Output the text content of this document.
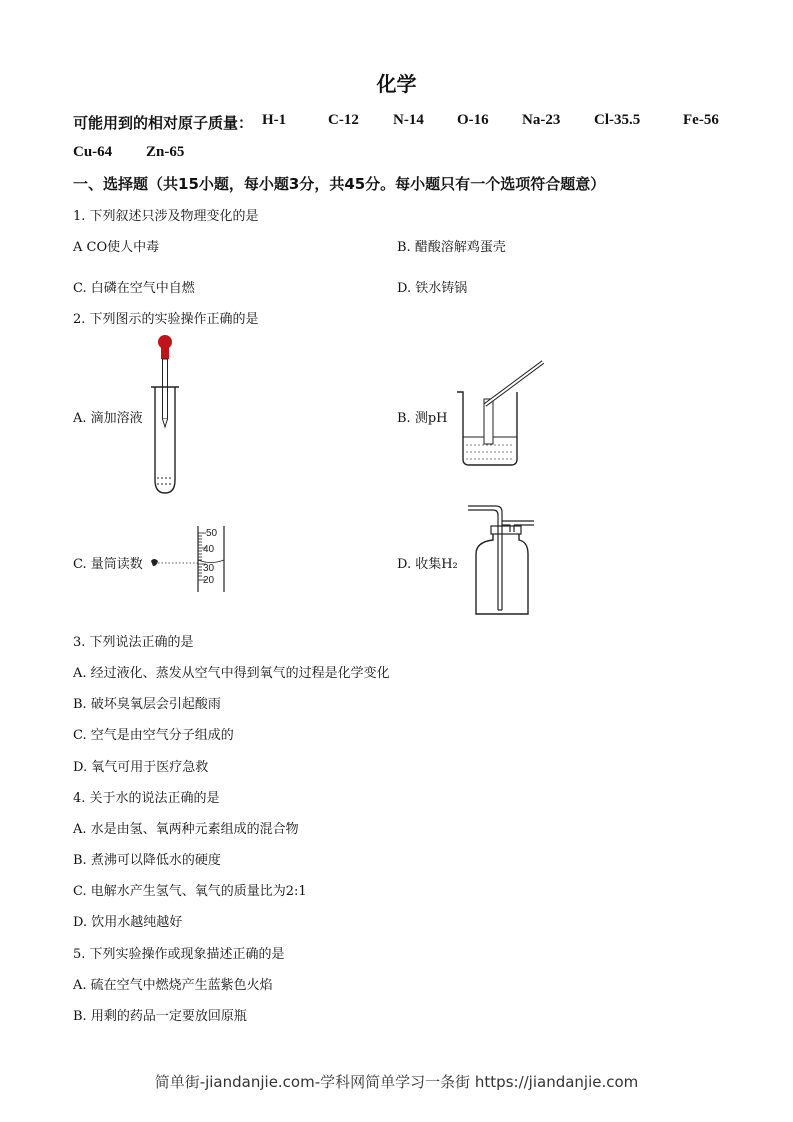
化学
可能用到的相对原子质量： H-1	C-12 N-14 O-16 Na-23 Cl-35.5	Fe-56
Cu-64 Zn-65
一、选择题（共15小题，每小题3分，共45分。每小题只有一个选项符合题意）
1. 下列叙述只涉及物理变化的是
A CO使人中毒	B. 醋酸溶解鸡蛋壳
C. 白磷在空气中自燃	D. 铁水铸锅
2. 下列图示的实验操作正确的是
A. 滴加溶液	B. 测pH
C. 量筒读数	D. 收集H₂
50
40
30
20
3. 下列说法正确的是
A. 经过液化、蒸发从空气中得到氧气的过程是化学变化
B. 破坏臭氧层会引起酸雨
C. 空气是由空气分子组成的
D. 氧气可用于医疗急救
4. 关于水的说法正确的是
A. 水是由氢、氧两种元素组成的混合物
B. 煮沸可以降低水的硬度
C. 电解水产生氢气、氧气的质量比为2:1
D. 饮用水越纯越好
5. 下列实验操作或现象描述正确的是
A. 硫在空气中燃烧产生蓝紫色火焰
B. 用剩的药品一定要放回原瓶
简单街-jiandanjie.com-学科网简单学习一条街 https://jiandanjie.com
